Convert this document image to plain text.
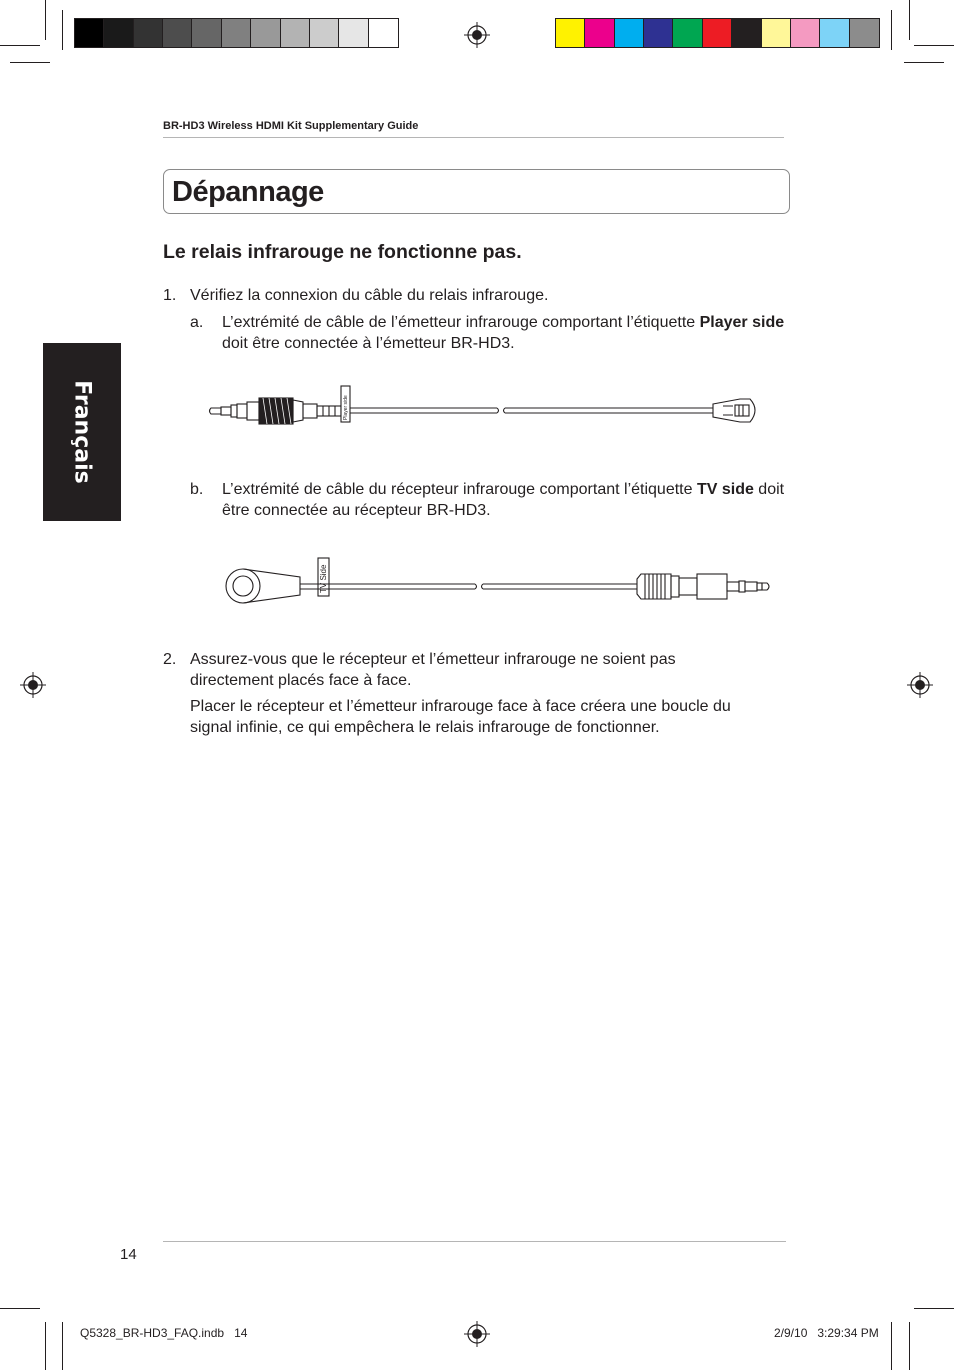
BR-HD3 Wireless HDMI Kit Supplementary Guide
Français
Dépannage
Le relais infrarouge ne fonctionne pas.
1. Vérifiez la connexion du câble du relais infrarouge.
a. L’extrémité de câble de l’émetteur infrarouge comportant l’étiquette Player side doit être connectée à l’émetteur BR-HD3.
Player side
b. L’extrémité de câble du récepteur infrarouge comportant l’étiquette TV side doit être connectée au récepteur BR-HD3.
TV Side
2. Assurez-vous que le récepteur et l’émetteur infrarouge ne soient pas directement placés face à face.
Placer le récepteur et l’émetteur infrarouge face à face créera une boucle du signal infinie, ce qui empêchera le relais infrarouge de fonctionner.
14
Q5328_BR-HD3_FAQ.indb   14	2/9/10   3:29:34 PM
